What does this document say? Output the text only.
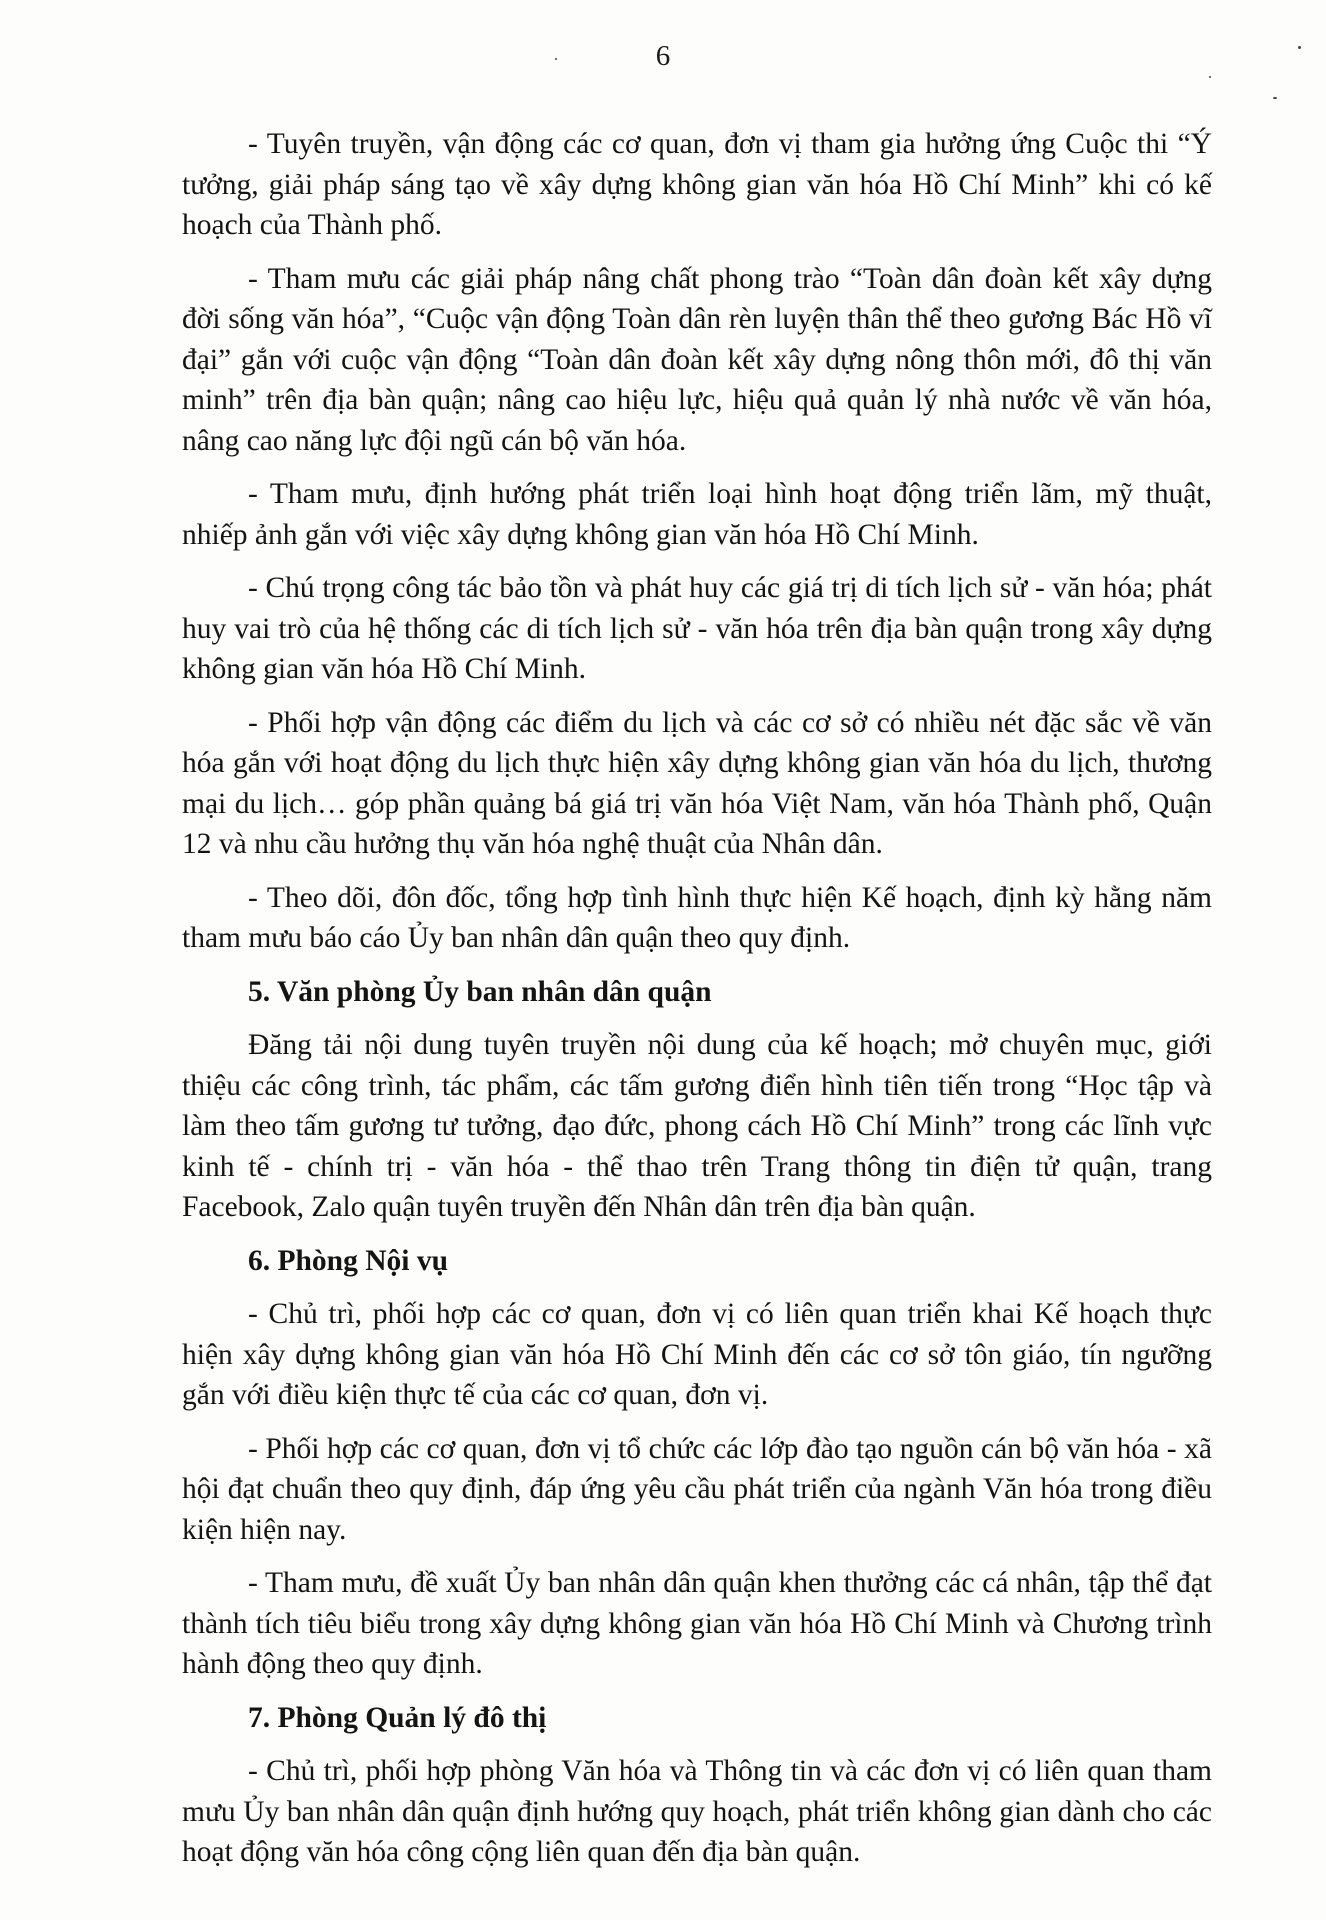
6

- Tuyên truyền, vận động các cơ quan, đơn vị tham gia hưởng ứng Cuộc thi “Ý tưởng, giải pháp sáng tạo về xây dựng không gian văn hóa Hồ Chí Minh” khi có kế hoạch của Thành phố.

- Tham mưu các giải pháp nâng chất phong trào “Toàn dân đoàn kết xây dựng đời sống văn hóa”, “Cuộc vận động Toàn dân rèn luyện thân thể theo gương Bác Hồ vĩ đại” gắn với cuộc vận động “Toàn dân đoàn kết xây dựng nông thôn mới, đô thị văn minh” trên địa bàn quận; nâng cao hiệu lực, hiệu quả quản lý nhà nước về văn hóa, nâng cao năng lực đội ngũ cán bộ văn hóa.

- Tham mưu, định hướng phát triển loại hình hoạt động triển lãm, mỹ thuật, nhiếp ảnh gắn với việc xây dựng không gian văn hóa Hồ Chí Minh.

- Chú trọng công tác bảo tồn và phát huy các giá trị di tích lịch sử - văn hóa; phát huy vai trò của hệ thống các di tích lịch sử - văn hóa trên địa bàn quận trong xây dựng không gian văn hóa Hồ Chí Minh.

- Phối hợp vận động các điểm du lịch và các cơ sở có nhiều nét đặc sắc về văn hóa gắn với hoạt động du lịch thực hiện xây dựng không gian văn hóa du lịch, thương mại du lịch… góp phần quảng bá giá trị văn hóa Việt Nam, văn hóa Thành phố, Quận 12 và nhu cầu hưởng thụ văn hóa nghệ thuật của Nhân dân.

- Theo dõi, đôn đốc, tổng hợp tình hình thực hiện Kế hoạch, định kỳ hằng năm tham mưu báo cáo Ủy ban nhân dân quận theo quy định.

5. Văn phòng Ủy ban nhân dân quận

Đăng tải nội dung tuyên truyền nội dung của kế hoạch; mở chuyên mục, giới thiệu các công trình, tác phẩm, các tấm gương điển hình tiên tiến trong “Học tập và làm theo tấm gương tư tưởng, đạo đức, phong cách Hồ Chí Minh” trong các lĩnh vực kinh tế - chính trị - văn hóa - thể thao trên Trang thông tin điện tử quận, trang Facebook, Zalo quận tuyên truyền đến Nhân dân trên địa bàn quận.

6. Phòng Nội vụ

- Chủ trì, phối hợp các cơ quan, đơn vị có liên quan triển khai Kế hoạch thực hiện xây dựng không gian văn hóa Hồ Chí Minh đến các cơ sở tôn giáo, tín ngưỡng gắn với điều kiện thực tế của các cơ quan, đơn vị.

- Phối hợp các cơ quan, đơn vị tổ chức các lớp đào tạo nguồn cán bộ văn hóa - xã hội đạt chuẩn theo quy định, đáp ứng yêu cầu phát triển của ngành Văn hóa trong điều kiện hiện nay.

- Tham mưu, đề xuất Ủy ban nhân dân quận khen thưởng các cá nhân, tập thể đạt thành tích tiêu biểu trong xây dựng không gian văn hóa Hồ Chí Minh và Chương trình hành động theo quy định.

7. Phòng Quản lý đô thị

- Chủ trì, phối hợp phòng Văn hóa và Thông tin và các đơn vị có liên quan tham mưu Ủy ban nhân dân quận định hướng quy hoạch, phát triển không gian dành cho các hoạt động văn hóa công cộng liên quan đến địa bàn quận.
